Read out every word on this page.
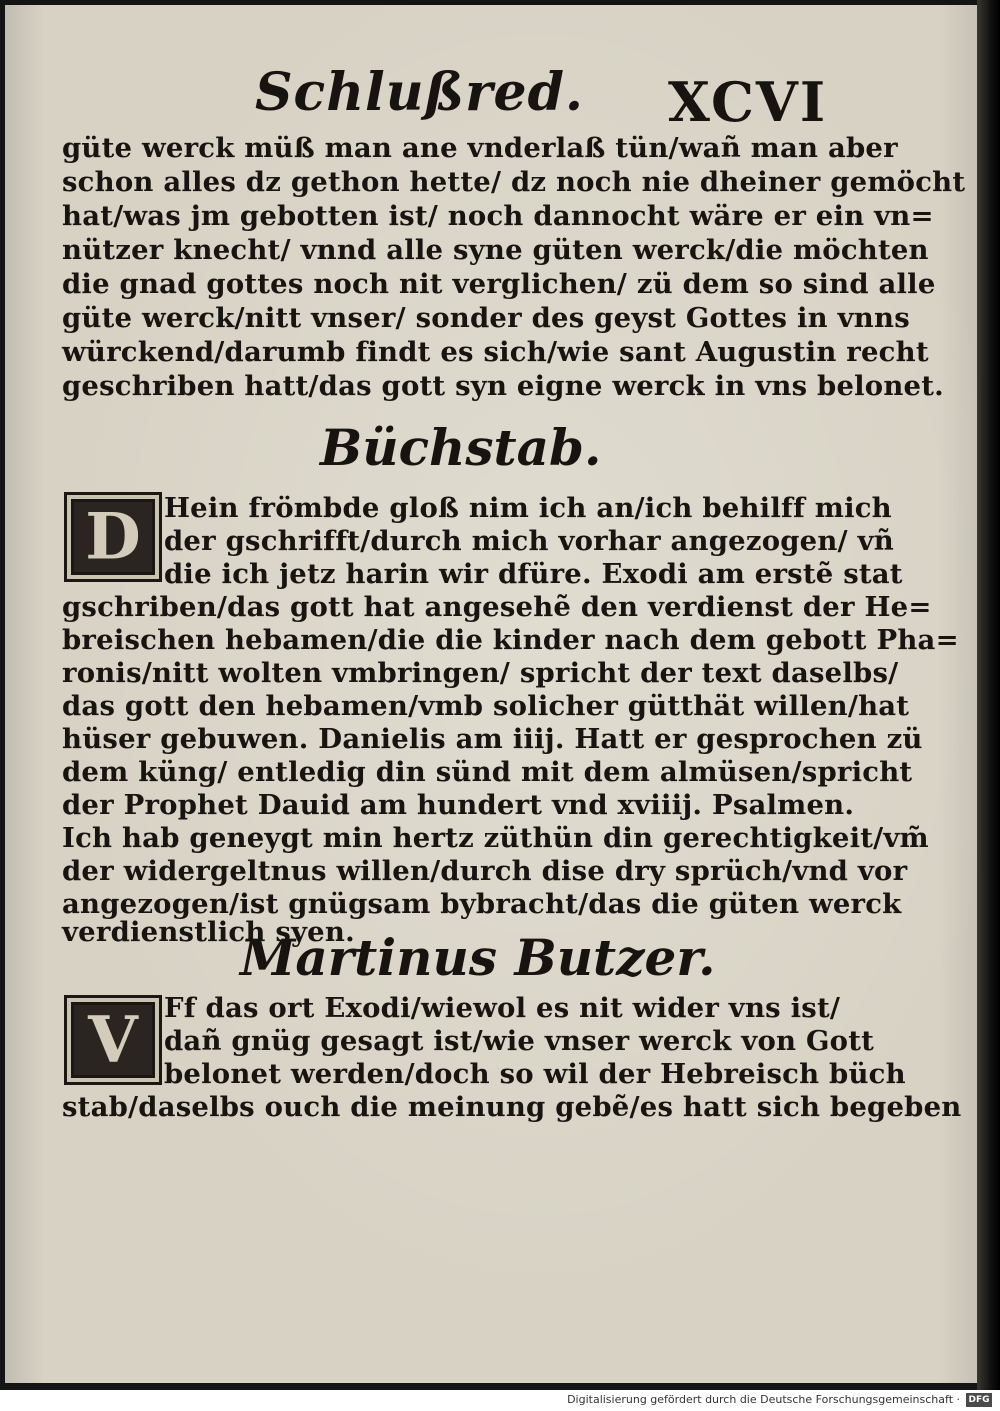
Schlußred. XCVI
güte werck müß man ane vnderlaß tün/wañ man aber
schon alles dz gethon hette/ dz noch nie dheiner gemöcht
hat/was jm gebotten ist/ noch dannocht wäre er ein vn=
nützer knecht/ vnnd alle syne güten werck/die möchten
die gnad gottes noch nit verglichen/ zü dem so sind alle
güte werck/nitt vnser/ sonder des geyst Gottes in vnns
würckend/darumb findt es sich/wie sant Augustin recht
geschriben hatt/das gott syn eigne werck in vns belonet.
Büchstab.
D Hein frömbde gloß nim ich an/ich behilff mich
der gschrifft/durch mich vorhar angezogen/ vñ
die ich jetz harin wir dfüre. Exodi am erstẽ stat
gschriben/das gott hat angesehẽ den verdienst der He=
breischen hebamen/die die kinder nach dem gebott Pha=
ronis/nitt wolten vmbringen/ spricht der text daselbs/
das gott den hebamen/vmb solicher gütthät willen/hat
hüser gebuwen. Danielis am iiij. Hatt er gesprochen zü
dem küng/ entledig din sünd mit dem almüsen/spricht
der Prophet Dauid am hundert vnd xviiij. Psalmen.
Ich hab geneygt min hertz züthün din gerechtigkeit/vm̃
der widergeltnus willen/durch dise dry sprüch/vnd vor
angezogen/ist gnügsam bybracht/das die güten werck
verdienstlich syen.
Martinus Butzer.
V Ff das ort Exodi/wiewol es nit wider vns ist/
dañ gnüg gesagt ist/wie vnser werck von Gott
belonet werden/doch so wil der Hebreisch büch
stab/daselbs ouch die meinung gebẽ/es hatt sich begeben
Digitalisierung gefördert durch die Deutsche Forschungsgemeinschaft · DFG
